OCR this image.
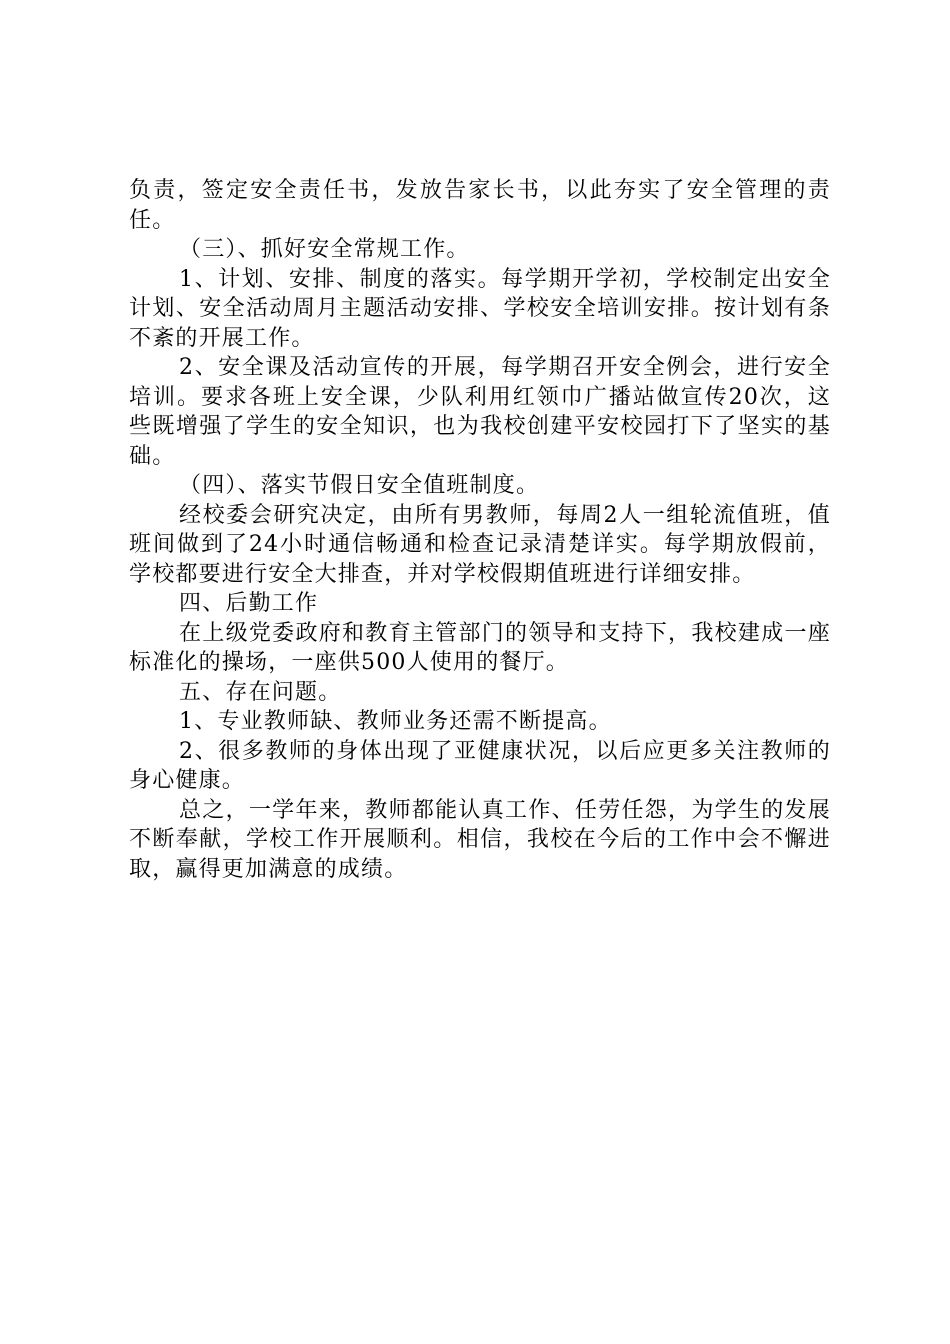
负责，签定安全责任书，发放告家长书，以此夯实了安全管理的责任。

（三）、抓好安全常规工作。

1、计划、安排、制度的落实。每学期开学初，学校制定出安全计划、安全活动周月主题活动安排、学校安全培训安排。按计划有条不紊的开展工作。

2、安全课及活动宣传的开展，每学期召开安全例会，进行安全培训。要求各班上安全课，少队利用红领巾广播站做宣传20次，这些既增强了学生的安全知识，也为我校创建平安校园打下了坚实的基础。

（四）、落实节假日安全值班制度。

经校委会研究决定，由所有男教师，每周2人一组轮流值班，值班间做到了24小时通信畅通和检查记录清楚详实。每学期放假前，学校都要进行安全大排查，并对学校假期值班进行详细安排。

四、后勤工作

在上级党委政府和教育主管部门的领导和支持下，我校建成一座标准化的操场，一座供500人使用的餐厅。

五、存在问题。

1、专业教师缺、教师业务还需不断提高。

2、很多教师的身体出现了亚健康状况，以后应更多关注教师的身心健康。

总之，一学年来，教师都能认真工作、任劳任怨，为学生的发展不断奉献，学校工作开展顺利。相信，我校在今后的工作中会不懈进取，赢得更加满意的成绩。
